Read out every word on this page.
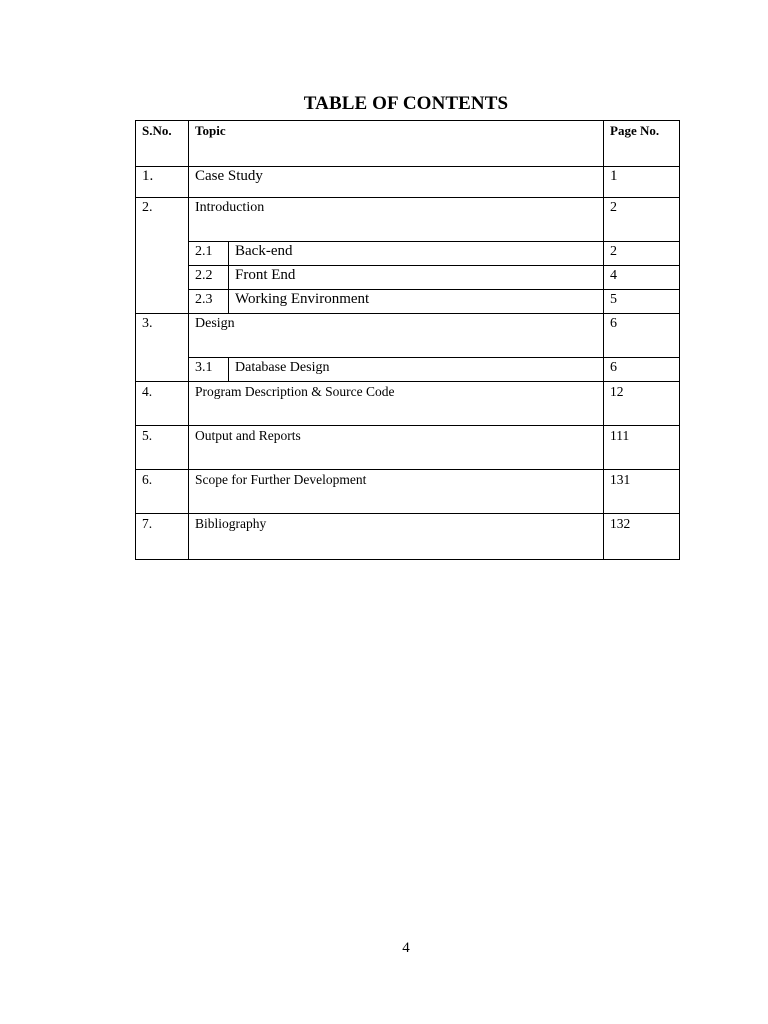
TABLE OF CONTENTS
S.No.	Topic		Page No.
1.	Case Study		1
2.	Introduction		2
	2.1	Back-end	2
	2.2	Front End	4
	2.3	Working Environment	5
3.	Design		6
	3.1	Database Design	6
4.	Program Description & Source Code		12
5.	Output and Reports		111
6.	Scope for Further Development		131
7.	Bibliography		132
4
